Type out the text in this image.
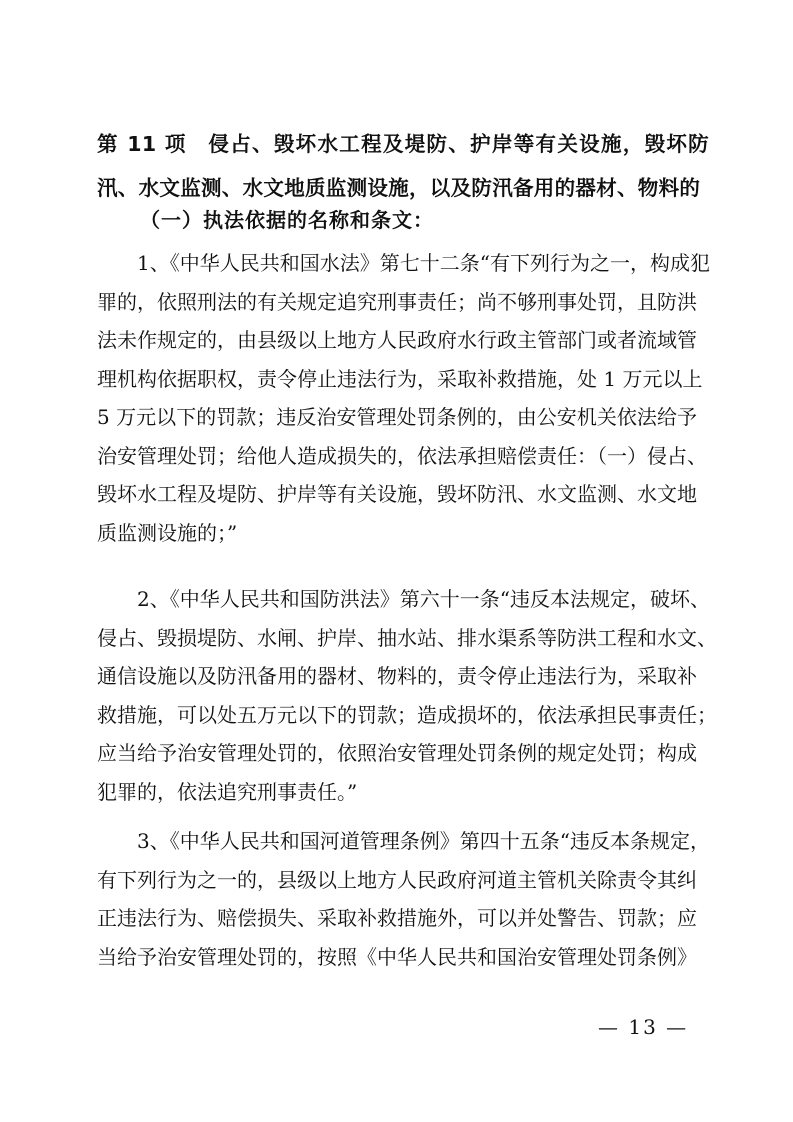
第 11 项　侵占、毁坏水工程及堤防、护岸等有关设施，毁坏防
汛、水文监测、水文地质监测设施，以及防汛备用的器材、物料的
（一）执法依据的名称和条文：
　　1、《中华人民共和国水法》第七十二条“有下列行为之一，构成犯
罪的，依照刑法的有关规定追究刑事责任；尚不够刑事处罚，且防洪
法未作规定的，由县级以上地方人民政府水行政主管部门或者流域管
理机构依据职权，责令停止违法行为，采取补救措施，处 1 万元以上
5 万元以下的罚款；违反治安管理处罚条例的，由公安机关依法给予
治安管理处罚；给他人造成损失的，依法承担赔偿责任：（一）侵占、
毁坏水工程及堤防、护岸等有关设施，毁坏防汛、水文监测、水文地
质监测设施的；”
　　2、《中华人民共和国防洪法》第六十一条“违反本法规定，破坏、
侵占、毁损堤防、水闸、护岸、抽水站、排水渠系等防洪工程和水文、
通信设施以及防汛备用的器材、物料的，责令停止违法行为，采取补
救措施，可以处五万元以下的罚款；造成损坏的，依法承担民事责任；
应当给予治安管理处罚的，依照治安管理处罚条例的规定处罚；构成
犯罪的，依法追究刑事责任。”
　　3、《中华人民共和国河道管理条例》第四十五条“违反本条规定，
有下列行为之一的，县级以上地方人民政府河道主管机关除责令其纠
正违法行为、赔偿损失、采取补救措施外，可以并处警告、罚款；应
当给予治安管理处罚的，按照《中华人民共和国治安管理处罚条例》
— 13 —
